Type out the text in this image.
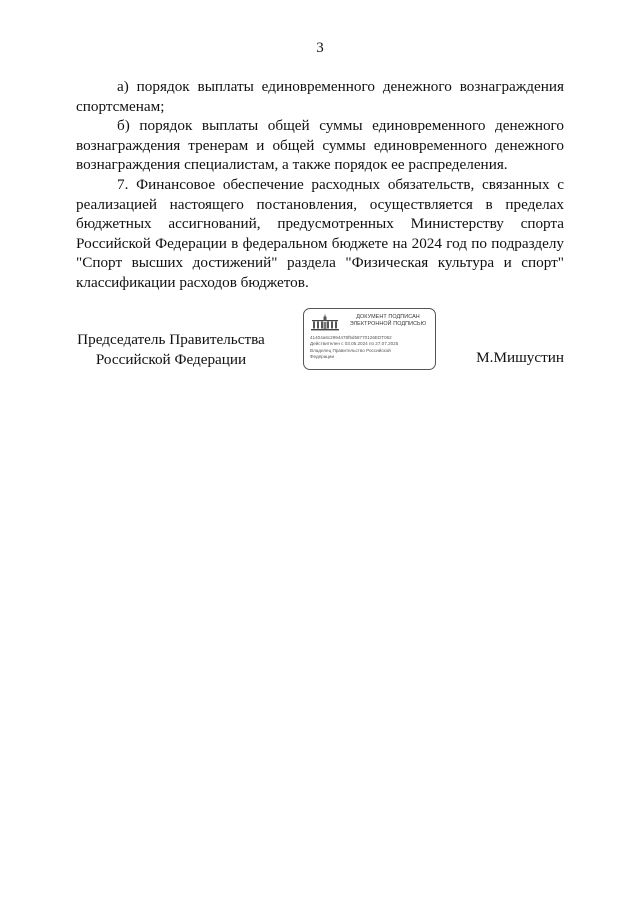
3

а) порядок выплаты единовременного денежного вознаграждения спортсменам;

б) порядок выплаты общей суммы единовременного денежного вознаграждения тренерам и общей суммы единовременного денежного вознаграждения специалистам, а также порядок ее распределения.

7. Финансовое обеспечение расходных обязательств, связанных с реализацией настоящего постановления, осуществляется в пределах бюджетных ассигнований, предусмотренных Министерству спорта Российской Федерации в федеральном бюджете на 2024 год по подразделу "Спорт высших достижений" раздела "Физическая культура и спорт" классификации расходов бюджетов.

Председатель Правительства
Российской Федерации
ДОКУМЕНТ ПОДПИСАН
ЭЛЕКТРОННОЙ ПОДПИСЬЮ
41404a6c2994478f5d58770126EDT062
Действителен с 03.05.2024 по 27.07.2025
Владелец Правительство Российской
Федерации	М.Мишустин
